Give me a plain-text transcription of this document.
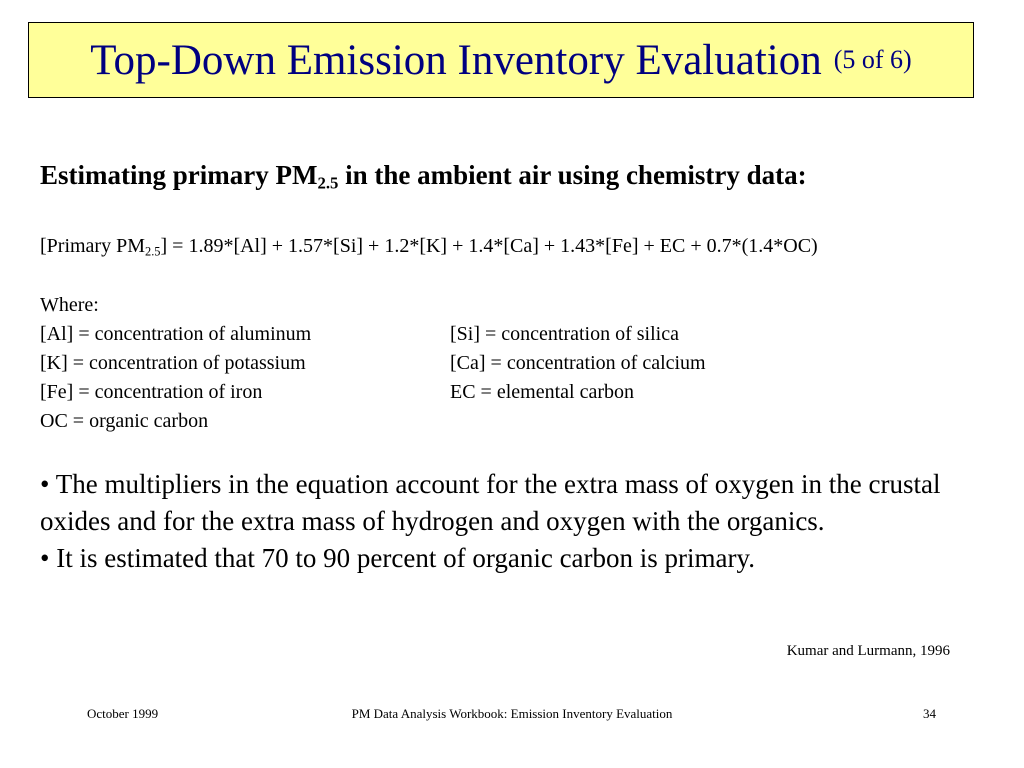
Top-Down Emission Inventory Evaluation (5 of 6)
Estimating primary $PM_{2.5}$ in the ambient air using chemistry data:
[Primary $PM_{2.5}] = 1.89*[Al] + 1.57*[Si] + 1.2*[K] + 1.4*[Ca] + 1.43*[Fe]$ + EC + 0.7*(1.4*OC)
Where:
[Al] = concentration of aluminum	[Si] = concentration of silica
[K] = concentration of potassium	[Ca] = concentration of calcium
[Fe] = concentration of iron	EC = elemental carbon
OC = organic carbon

• The multipliers in the equation account for the extra mass of oxygen in the crustal oxides and for the extra mass of hydrogen and oxygen with the organics.

• It is estimated that 70 to 90 percent of organic carbon is primary.

Kumar and Lurmann, 1996
October 1999	PM Data Analysis Workbook: Emission Inventory Evaluation	34
